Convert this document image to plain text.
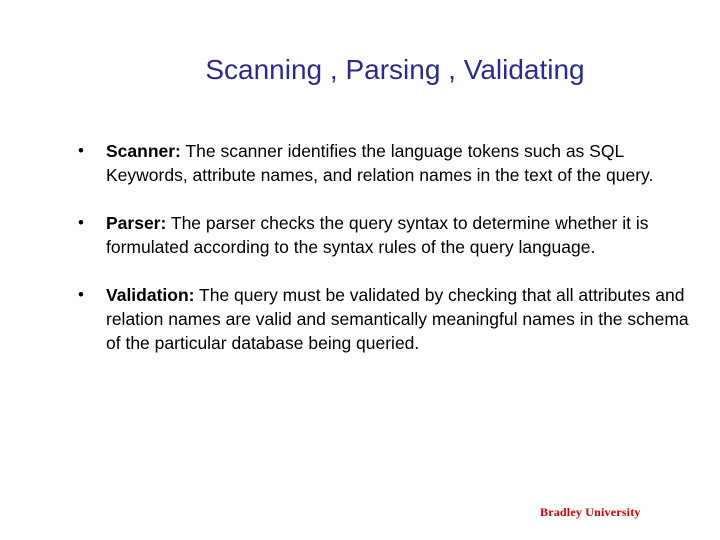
Scanning , Parsing , Validating
•	Scanner: The scanner identifies the language tokens such as SQL Keywords, attribute names, and relation names in the text of the query.
•	Parser: The parser checks the query syntax to determine whether it is formulated according to the syntax rules of the query language.
•	Validation: The query must be validated by checking that all attributes and relation names are valid and semantically meaningful names in the schema of the particular database being queried.
Bradley University
